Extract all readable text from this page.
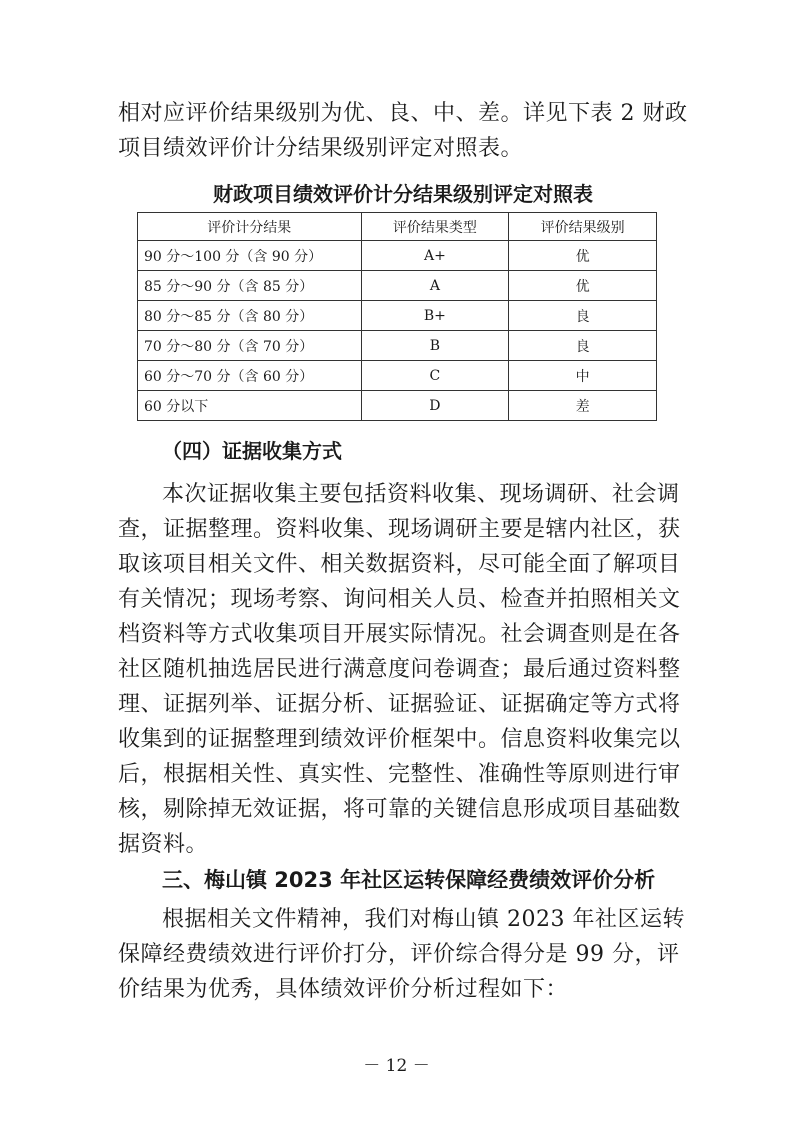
相对应评价结果级别为优、良、中、差。详见下表 2 财政项目绩效评价计分结果级别评定对照表。

财政项目绩效评价计分结果级别评定对照表

评价计分结果	评价结果类型	评价结果级别
90 分～100 分（含 90 分）	A+	优
85 分～90 分（含 85 分）	A	优
80 分～85 分（含 80 分）	B+	良
70 分～80 分（含 70 分）	B	良
60 分～70 分（含 60 分）	C	中
60 分以下	D	差

（四）证据收集方式

本次证据收集主要包括资料收集、现场调研、社会调查，证据整理。资料收集、现场调研主要是辖内社区，获取该项目相关文件、相关数据资料，尽可能全面了解项目有关情况；现场考察、询问相关人员、检查并拍照相关文档资料等方式收集项目开展实际情况。社会调查则是在各社区随机抽选居民进行满意度问卷调查；最后通过资料整理、证据列举、证据分析、证据验证、证据确定等方式将收集到的证据整理到绩效评价框架中。信息资料收集完以后，根据相关性、真实性、完整性、准确性等原则进行审核，剔除掉无效证据，将可靠的关键信息形成项目基础数据资料。

三、梅山镇 2023 年社区运转保障经费绩效评价分析

根据相关文件精神，我们对梅山镇 2023 年社区运转保障经费绩效进行评价打分，评价综合得分是 99 分，评价结果为优秀，具体绩效评价分析过程如下：

－ 12 －
